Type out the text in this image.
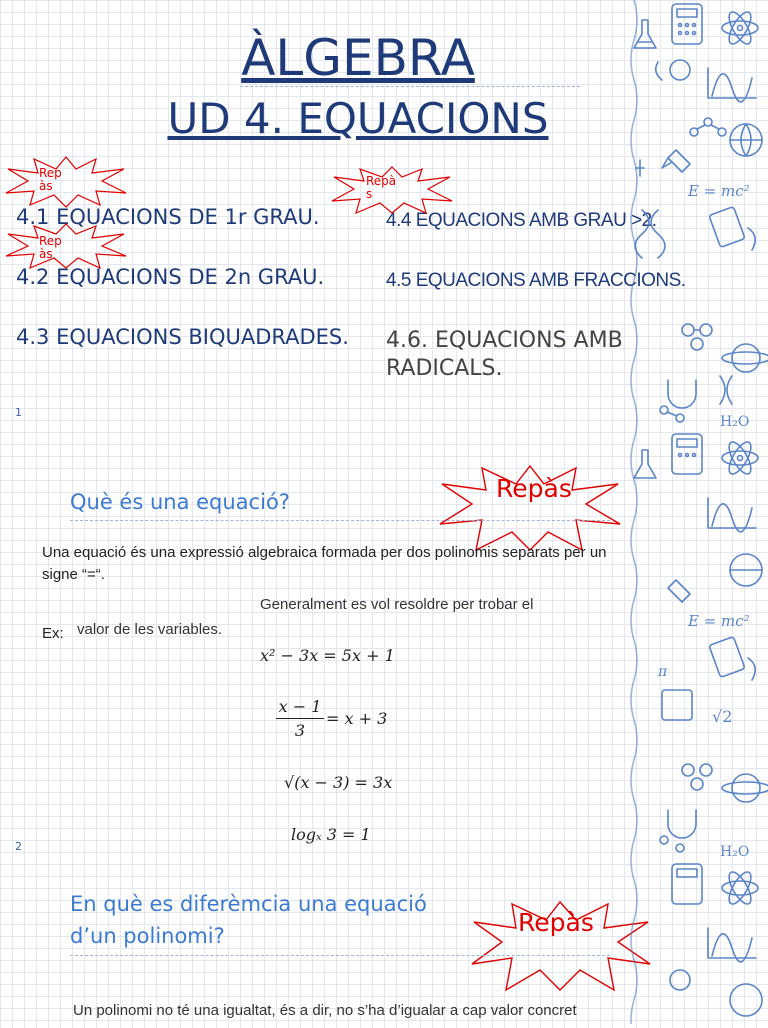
ÀLGEBRA
UD 4. EQUACIONS
4.1 EQUACIONS DE 1r GRAU.
4.2 EQUACIONS DE 2n GRAU.
4.3 EQUACIONS BIQUADRADES.
4.4 EQUACIONS AMB GRAU >2.
4.5 EQUACIONS AMB FRACCIONS.
4.6. EQUACIONS AMB RADICALS.
Repàs	Repàs
Repàs
Repàs
Repàs
1
2
Què és una equació?
Una equació és una expressió algebraica formada per dos polinomis separats per un signe “=“.
Generalment es vol resoldre per trobar el
Ex: valor de les variables.
x² − 3x = 5x + 1
x − 1
3
= x + 3
√(x − 3) = 3x
logₓ 3 = 1
En què es diferèmcia una equació
d’un polinomi?
Un polinomi no té una igualtat, és a dir, no s’ha d’igualar a cap valor concret
E = mc²
H₂O
E = mc²
π
√2
H₂O
